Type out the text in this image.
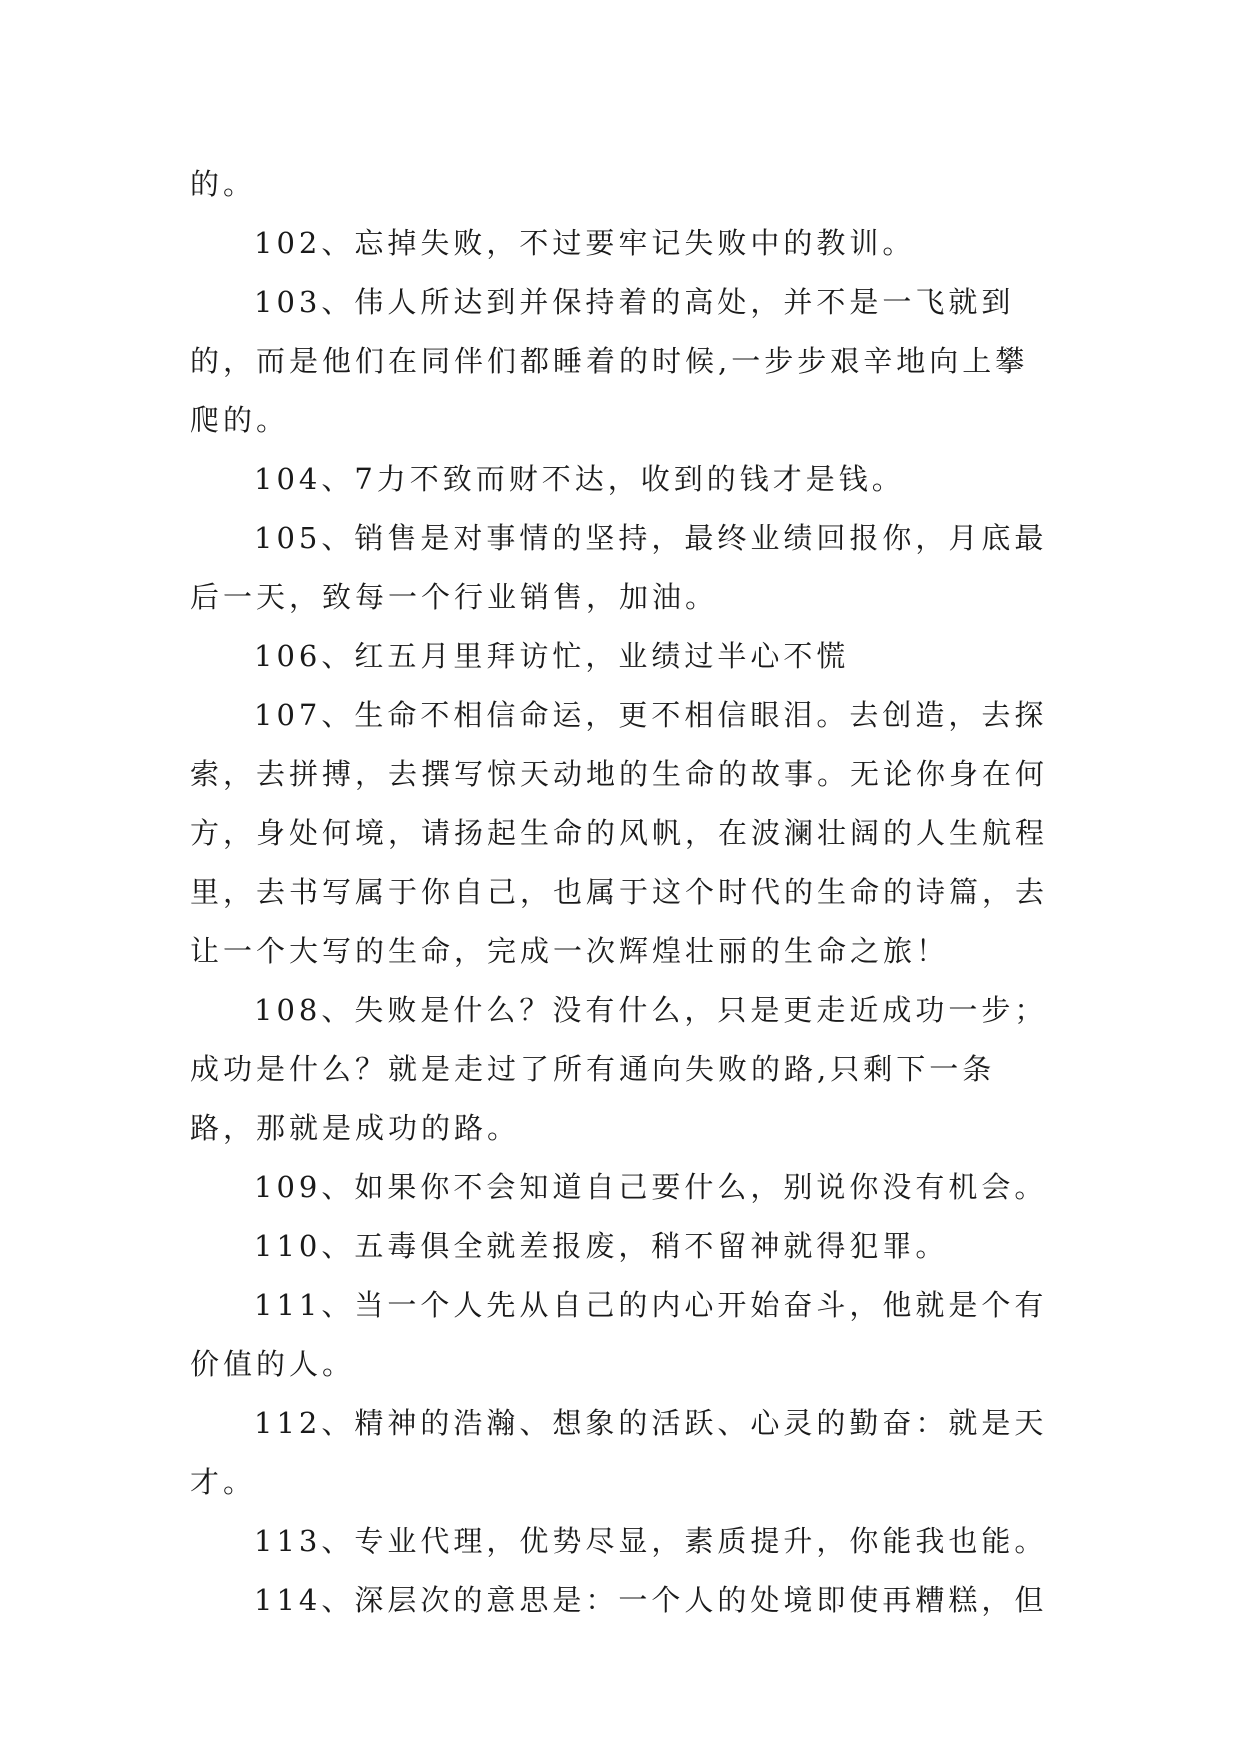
的。

102、忘掉失败，不过要牢记失败中的教训。

103、伟人所达到并保持着的高处，并不是一飞就到的，而是他们在同伴们都睡着的时候,一步步艰辛地向上攀爬的。

104、7力不致而财不达，收到的钱才是钱。

105、销售是对事情的坚持，最终业绩回报你，月底最后一天，致每一个行业销售，加油。

106、红五月里拜访忙，业绩过半心不慌

107、生命不相信命运，更不相信眼泪。去创造，去探索，去拼搏，去撰写惊天动地的生命的故事。无论你身在何方，身处何境，请扬起生命的风帆，在波澜壮阔的人生航程里，去书写属于你自己，也属于这个时代的生命的诗篇，去让一个大写的生命，完成一次辉煌壮丽的生命之旅！

108、失败是什么？没有什么，只是更走近成功一步；成功是什么？就是走过了所有通向失败的路,只剩下一条路，那就是成功的路。

109、如果你不会知道自己要什么，别说你没有机会。

110、五毒俱全就差报废，稍不留神就得犯罪。

111、当一个人先从自己的内心开始奋斗，他就是个有价值的人。

112、精神的浩瀚、想象的活跃、心灵的勤奋：就是天才。

113、专业代理，优势尽显，素质提升，你能我也能。

114、深层次的意思是：一个人的处境即使再糟糕，但
